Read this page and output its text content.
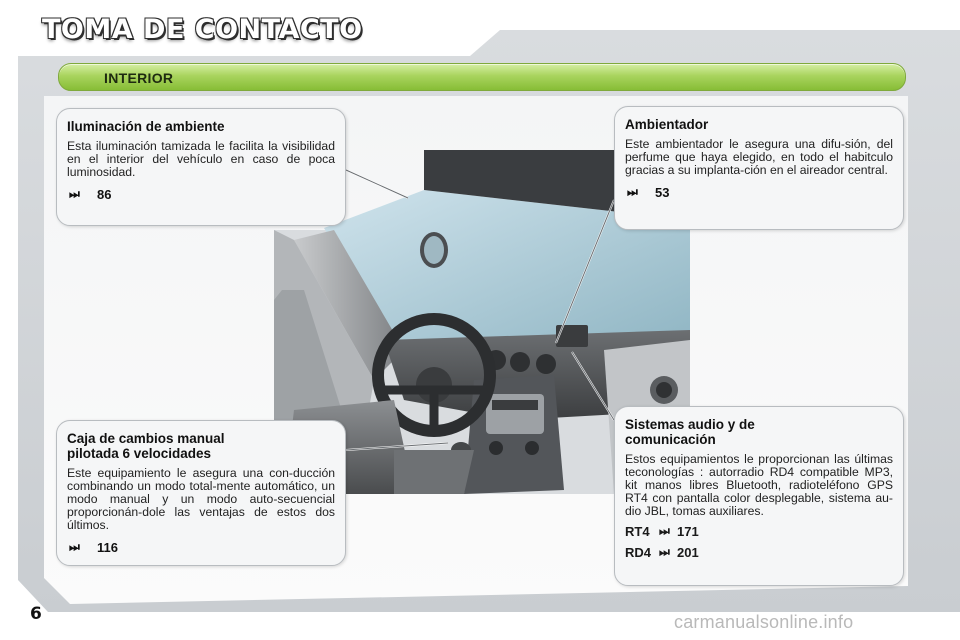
TOMA DE CONTACTO
INTERIOR
Iluminación de ambiente

Esta iluminación tamizada le facilita la visibilidad en el interior del vehículo en caso de poca luminosidad.

⏭	86
Ambientador

Este ambientador le asegura una difu-sión, del perfume que haya elegido, en todo el habitculo gracias a su implanta-ción en el aireador central.

⏭	53
Caja de cambios manual
pilotada 6 velocidades

Este equipamiento le asegura una con-ducción combinando un modo total-mente automático, un modo manual y un modo auto-secuencial proporcionán-dole las ventajas de estos dos últimos.

⏭	116
Sistemas audio y de
comunicación

Estos equipamientos le proporcionan las últimas teconologías : autorradio RD4 compatible MP3, kit manos libres Bluetooth, radioteléfono GPS RT4 con pantalla color desplegable, sistema au-dio JBL, tomas auxiliares.

RT4 ⏭ 171
RD4 ⏭ 201
6	carmanualsonline.info
